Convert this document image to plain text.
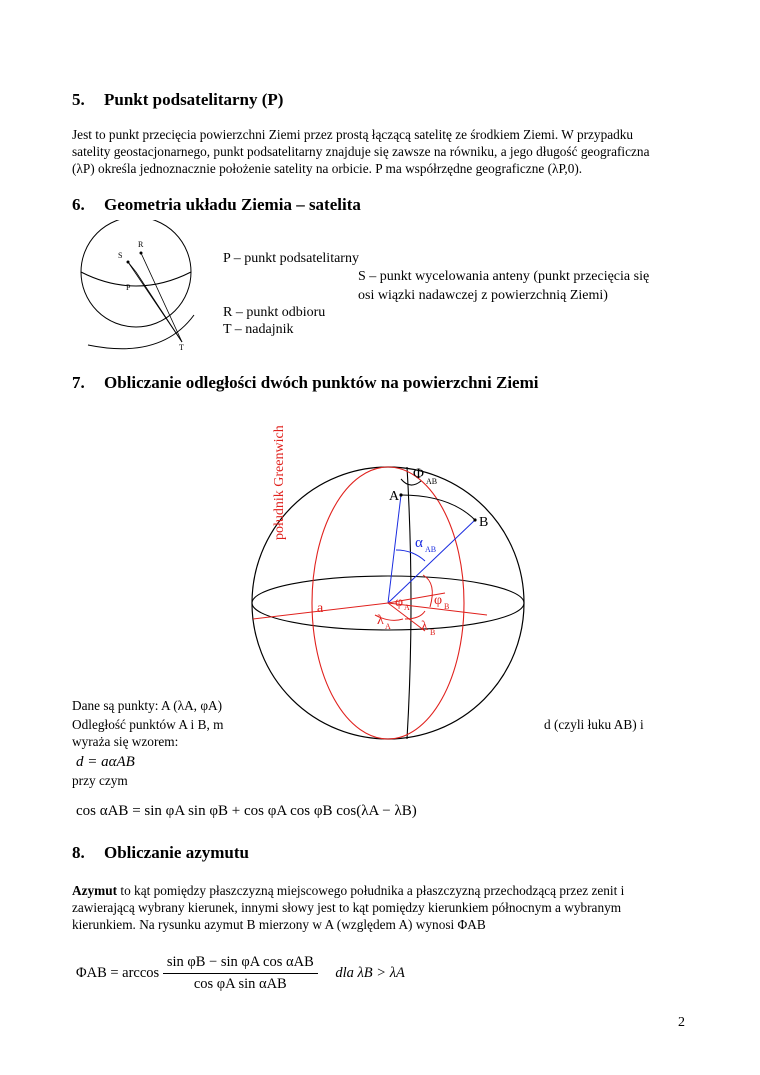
5. Punkt podsatelitarny (P)
Jest to punkt przecięcia powierzchni Ziemi przez prostą łączącą satelitę ze środkiem Ziemi. W przypadku
satelity geostacjonarnego, punkt podsatelitarny znajduje się zawsze na równiku, a jego długość geograficzna
(λP) określa jednoznacznie położenie satelity na orbicie. P ma współrzędne geograficzne (λP,0).
6. Geometria układu Ziemia – satelita
S
R
P
T
P – punkt podsatelitarny
S – punkt wycelowania anteny (punkt przecięcia się
osi wiązki nadawczej z powierzchnią Ziemi)
R – punkt odbioru
T – nadajnik
7. Obliczanie odległości dwóch punktów na powierzchni Ziemi
południk Greenwich	Φ AB
A
B
α AB
a	φ A φ B
λ A λ B
Dane są punkty: A (λA, φA)
Odległość punktów A i B, m	d (czyli łuku AB) i
wyraża się wzorem:
d = aαAB
przy czym
cos αAB = sin φA sin φB + cos φA cos φB cos(λA − λB)
8. Obliczanie azymutu
Azymut to kąt pomiędzy płaszczyzną miejscowego południka a płaszczyzną przechodzącą przez zenit i
zawierającą wybrany kierunek, innymi słowy jest to kąt pomiędzy kierunkiem północnym a wybranym
kierunkiem. Na rysunku azymut B mierzony w A (względem A) wynosi ΦAB
$\Phi AB = \arccos \frac{\text{sin φB − sin φA cos αAB}}{\text{cos φA sin αAB}}$ dla λB > λA
2
